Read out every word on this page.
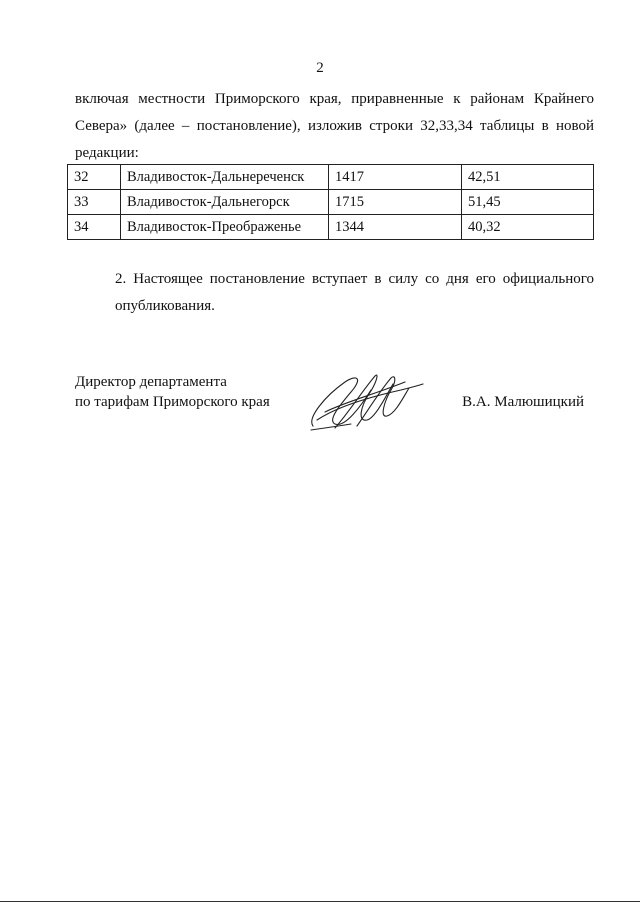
2
включая местности Приморского края, приравненные к районам Крайнего
Севера» (далее – постановление), изложив строки 32,33,34 таблицы в новой
редакции:
32	Владивосток-Дальнереченск	1417	42,51
33	Владивосток-Дальнегорск	1715	51,45
34	Владивосток-Преображенье	1344	40,32
2. Настоящее постановление вступает в силу со дня его официального
опубликования.
Директор департамента
по тарифам Приморского края	В.А. Малюшицкий
